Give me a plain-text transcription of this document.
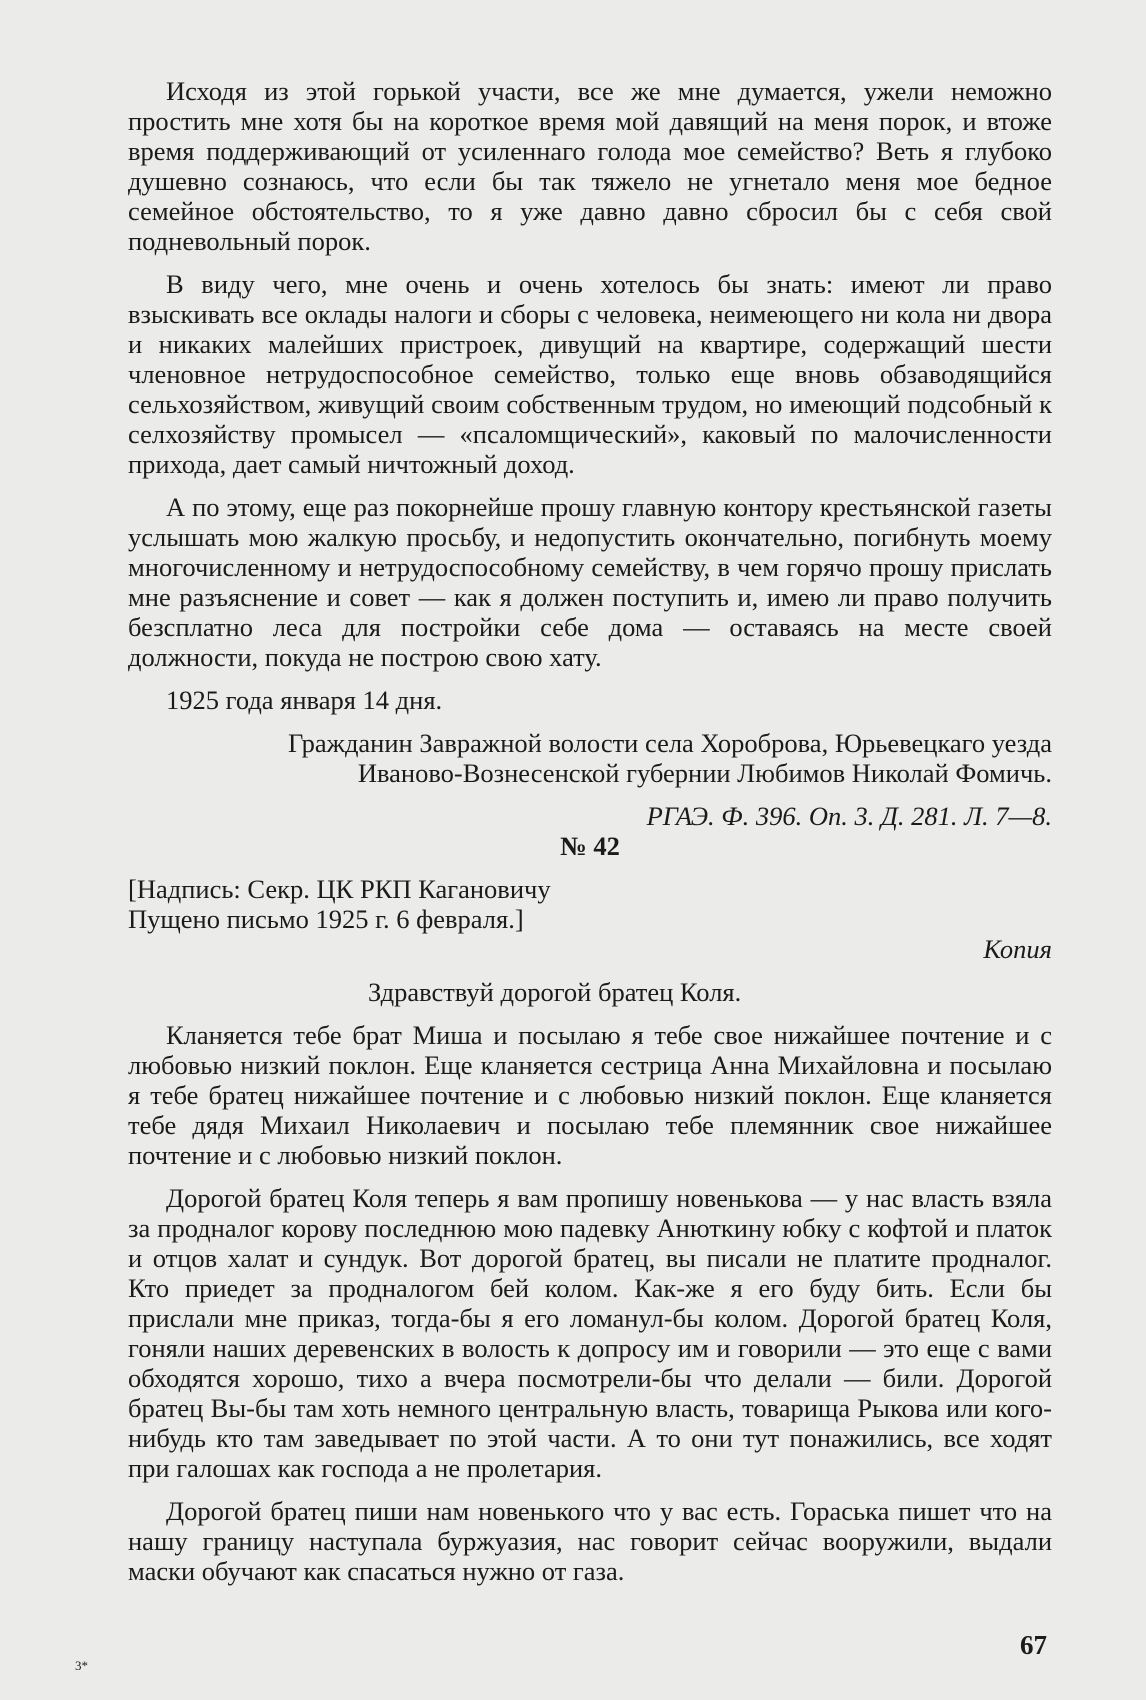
Исходя из этой горькой участи, все же мне думается, ужели неможно простить мне хотя бы на короткое время мой давящий на меня порок, и втоже время поддерживающий от усиленнаго голода мое семейство? Веть я глубоко душевно сознаюсь, что если бы так тяжело не угнетало меня мое бедное семейное обстоятельство, то я уже давно давно сбросил бы с себя свой подневольный порок.

В виду чего, мне очень и очень хотелось бы знать: имеют ли право взыскивать все оклады налоги и сборы с человека, неимеющего ни кола ни двора и никаких малейших пристроек, дивущий на квартире, содержащий шести членовное нетрудоспособное семейство, только еще вновь обзаводящийся сельхозяйством, живущий своим собственным трудом, но имеющий подсобный к селхозяйству промысел — «псаломщический», каковый по малочисленности прихода, дает самый ничтожный доход.

А по этому, еще раз покорнейше прошу главную контору крестьянской газеты услышать мою жалкую просьбу, и недопустить окончательно, погибнуть моему многочисленному и нетрудоспособному семейству, в чем горячо прошу прислать мне разъяснение и совет — как я должен поступить и, имею ли право получить безсплатно леса для постройки себе дома — оставаясь на месте своей должности, покуда не построю свою хату.

1925 года января 14 дня.

Гражданин Завражной волости села Хороброва, Юрьевецкаго уезда

Иваново-Вознесенской губернии Любимов Николай Фомичь.

РГАЭ. Ф. 396. Оп. 3. Д. 281. Л. 7—8.

№ 42

[Надпись: Секр. ЦК РКП Кагановичу

Пущено письмо 1925 г. 6 февраля.]

Копия

Здравствуй дорогой братец Коля.

Кланяется тебе брат Миша и посылаю я тебе свое нижайшее почтение и с любовью низкий поклон. Еще кланяется сестрица Анна Михайловна и посылаю я тебе братец нижайшее почтение и с любовью низкий поклон. Еще кланяется тебе дядя Михаил Николаевич и посылаю тебе племянник свое нижайшее почтение и с любовью низкий поклон.

Дорогой братец Коля теперь я вам пропишу новенькова — у нас власть взяла за продналог корову последнюю мою падевку Анюткину юбку с кофтой и платок и отцов халат и сундук. Вот дорогой братец, вы писали не платите продналог. Кто приедет за продналогом бей колом. Как-же я его буду бить. Если бы прислали мне приказ, тогда-бы я его ломанул-бы колом. Дорогой братец Коля, гоняли наших деревенских в волость к допросу им и говорили — это еще с вами обходятся хорошо, тихо а вчера посмотрели-бы что делали — били. Дорогой братец Вы-бы там хоть немного центральную власть, товарища Рыкова или кого-нибудь кто там заведывает по этой части. А то они тут понажились, все ходят при галошах как господа а не пролетария.

Дорогой братец пиши нам новенького что у вас есть. Гораська пишет что на нашу границу наступала буржуазия, нас говорит сейчас вооружили, выдали маски обучают как спасаться нужно от газа.

67
3*
